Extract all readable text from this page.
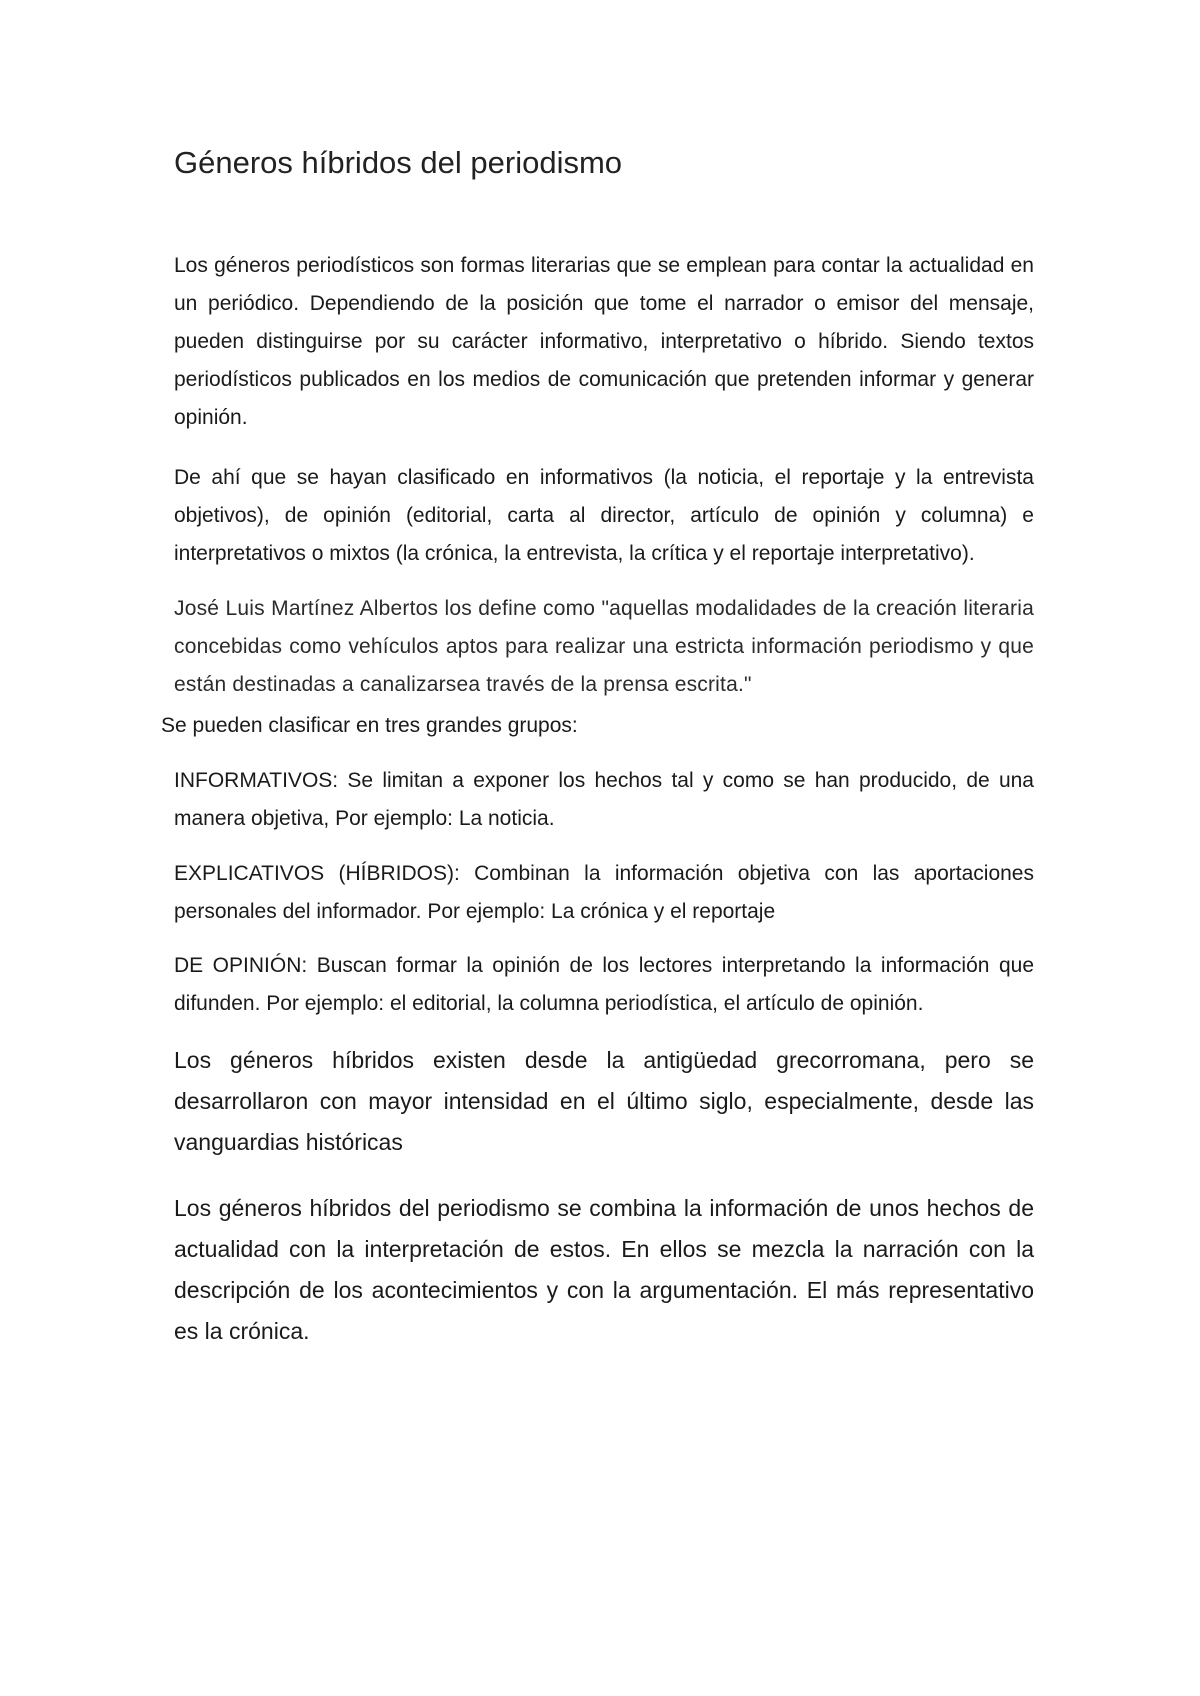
Géneros híbridos del periodismo

Los géneros periodísticos son formas literarias que se emplean para contar la actualidad en un periódico. Dependiendo de la posición que tome el narrador o emisor del mensaje, pueden distinguirse por su carácter informativo, interpretativo o híbrido. Siendo textos periodísticos publicados en los medios de comunicación que pretenden informar y generar opinión.

De ahí que se hayan clasificado en informativos (la noticia, el reportaje y la entrevista objetivos), de opinión (editorial, carta al director, artículo de opinión y columna) e interpretativos o mixtos (la crónica, la entrevista, la crítica y el reportaje interpretativo).

José Luis Martínez Albertos los define como "aquellas modalidades de la creación literaria concebidas como vehículos aptos para realizar una estricta información periodismo y que están destinadas a canalizarsea través de la prensa escrita."

Se pueden clasificar en tres grandes grupos:

INFORMATIVOS: Se limitan a exponer los hechos tal y como se han producido, de una manera objetiva, Por ejemplo: La noticia.

EXPLICATIVOS (HÍBRIDOS): Combinan la información objetiva con las aportaciones personales del informador. Por ejemplo: La crónica y el reportaje

DE OPINIÓN: Buscan formar la opinión de los lectores interpretando la información que difunden. Por ejemplo: el editorial, la columna periodística, el artículo de opinión.

Los géneros híbridos existen desde la antigüedad grecorromana, pero se desarrollaron con mayor intensidad en el último siglo, especialmente, desde las vanguardias históricas

Los géneros híbridos del periodismo se combina la información de unos hechos de actualidad con la interpretación de estos. En ellos se mezcla la narración con la descripción de los acontecimientos y con la argumentación. El más representativo es la crónica.
